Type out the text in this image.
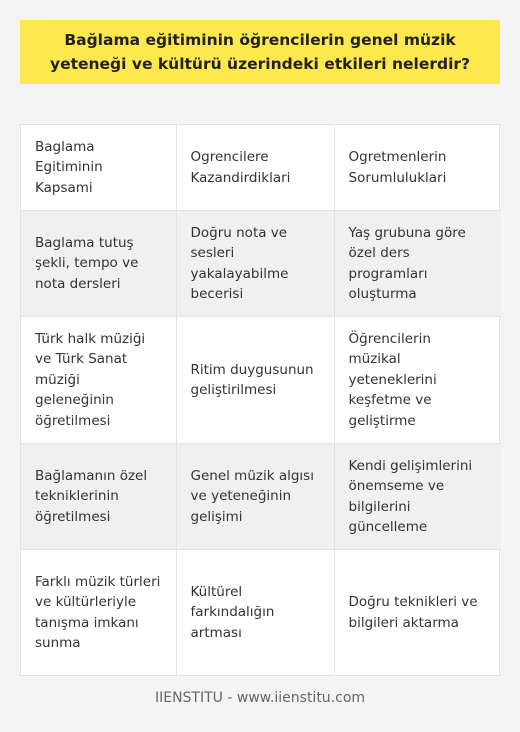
Bağlama eğitiminin öğrencilerin genel müzik yeteneği ve kültürü üzerindeki etkileri nelerdir?
Baglama Egitiminin Kapsami	Ogrencilere Kazandirdiklari	Ogretmenlerin Sorumluluklari
Baglama tutuş şekli, tempo ve nota dersleri	Doğru nota ve sesleri yakalayabilme becerisi	Yaş grubuna göre özel ders programları oluşturma
Türk halk müziği ve Türk Sanat müziği geleneğinin öğretilmesi	Ritim duygusunun geliştirilmesi	Öğrencilerin müzikal yeteneklerini keşfetme ve geliştirme
Bağlamanın özel tekniklerinin öğretilmesi	Genel müzik algısı ve yeteneğinin gelişimi	Kendi gelişimlerini önemseme ve bilgilerini güncelleme
Farklı müzik türleri ve kültürleriyle tanışma imkanı sunma	Kültürel farkındalığın artması	Doğru teknikleri ve bilgileri aktarma
IIENSTITU - www.iienstitu.com
